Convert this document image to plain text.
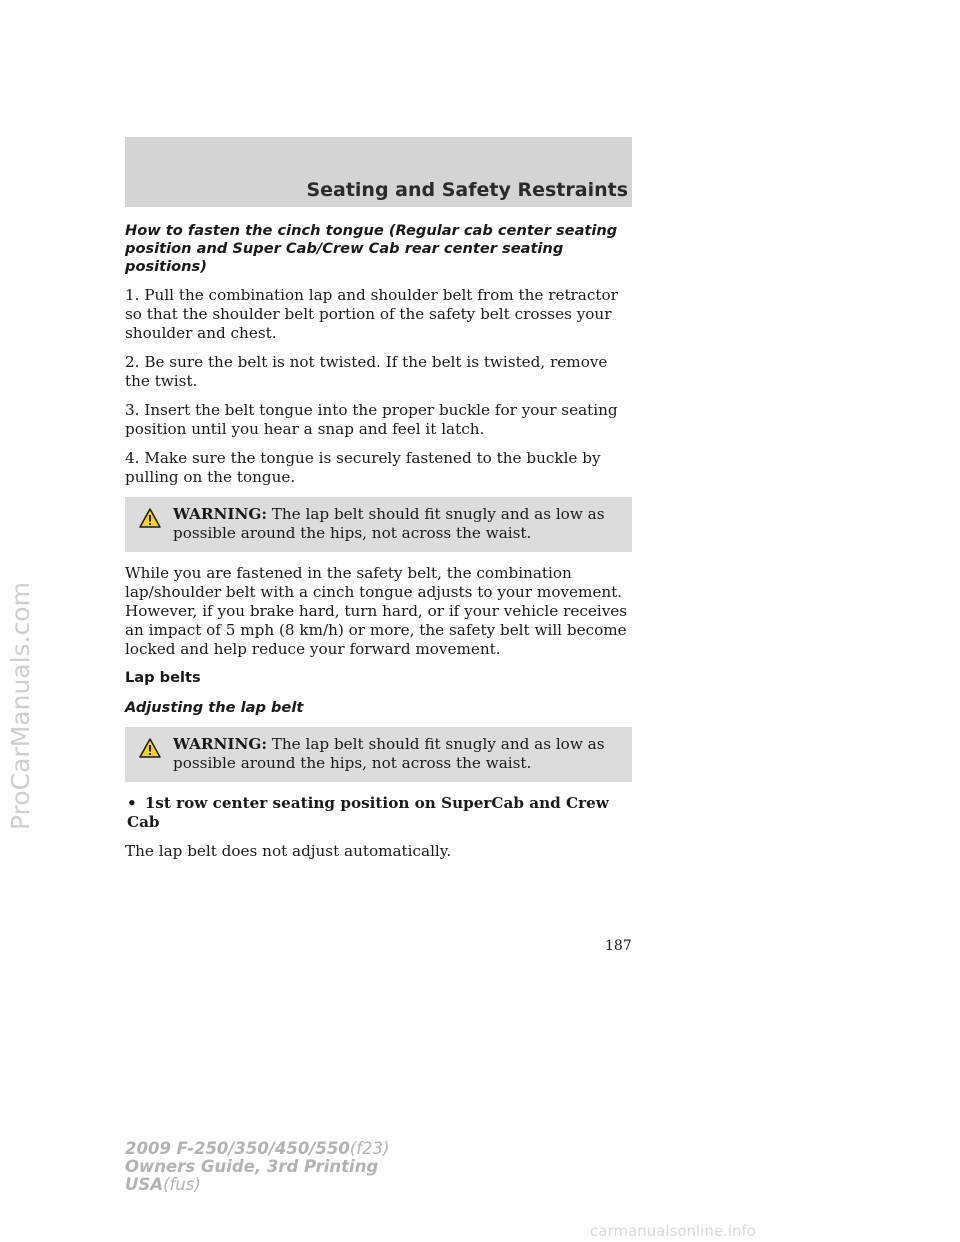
Seating and Safety Restraints
How to fasten the cinch tongue (Regular cab center seating position and Super Cab/Crew Cab rear center seating positions)

1. Pull the combination lap and shoulder belt from the retractor so that the shoulder belt portion of the safety belt crosses your shoulder and chest.

2. Be sure the belt is not twisted. If the belt is twisted, remove the twist.

3. Insert the belt tongue into the proper buckle for your seating position until you hear a snap and feel it latch.

4. Make sure the tongue is securely fastened to the buckle by pulling on the tongue.

WARNING: The lap belt should fit snugly and as low as possible around the hips, not across the waist.

While you are fastened in the safety belt, the combination lap/shoulder belt with a cinch tongue adjusts to your movement. However, if you brake hard, turn hard, or if your vehicle receives an impact of 5 mph (8 km/h) or more, the safety belt will become locked and help reduce your forward movement.

Lap belts
Adjusting the lap belt
WARNING: The lap belt should fit snugly and as low as possible around the hips, not across the waist.
• 1st row center seating position on SuperCab and Crew Cab

The lap belt does not adjust automatically.

187
2009 F-250/350/450/550(f23)
Owners Guide, 3rd Printing
USA(fus)
ProCarManuals.com
carmanualsonline.info
